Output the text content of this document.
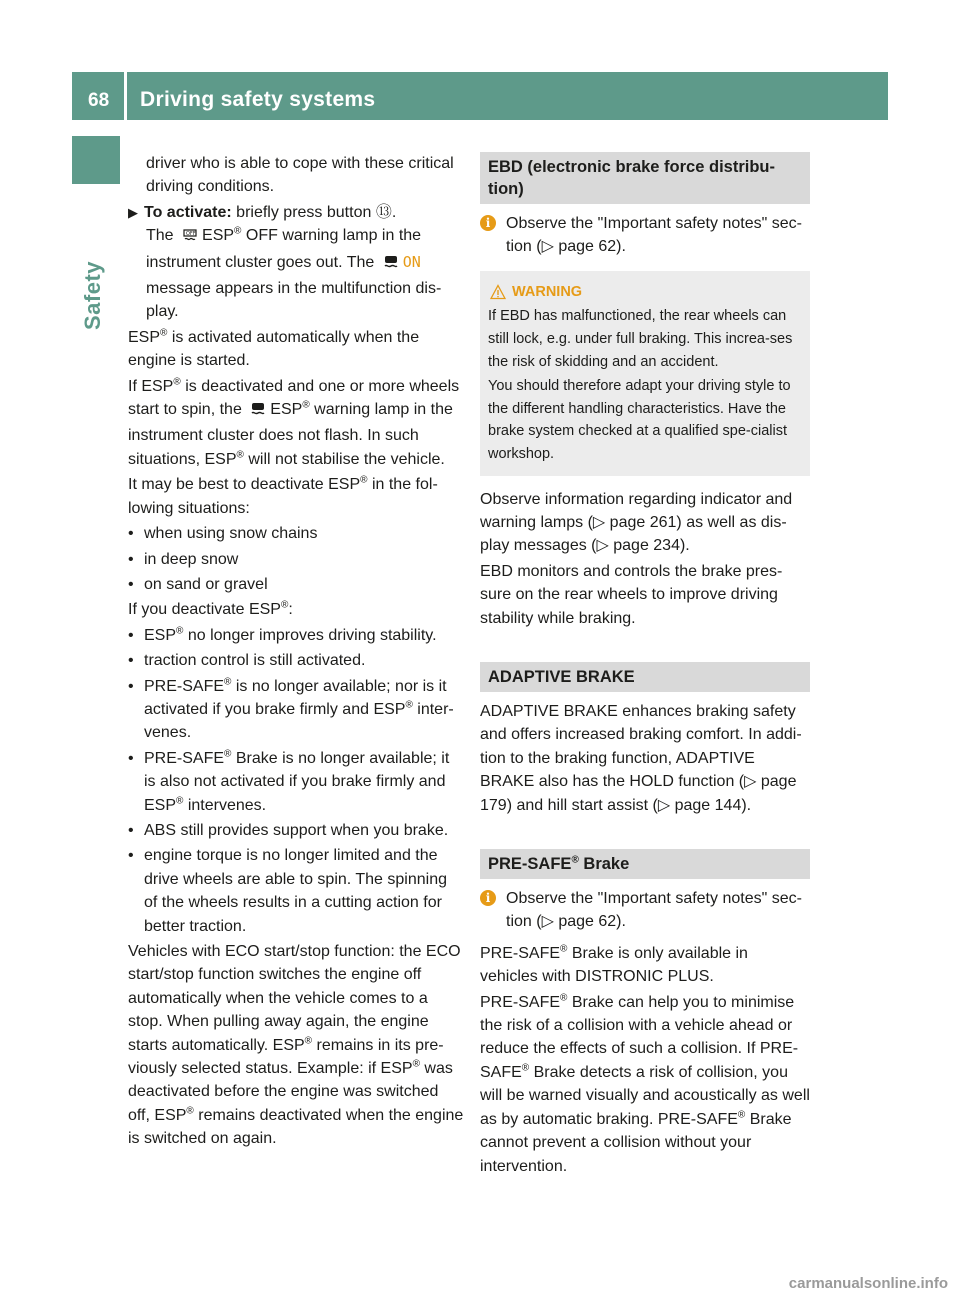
68 Driving safety systems
Safety

driver who is able to cope with these critical driving conditions.

▶ To activate: briefly press button ⑬.

The OFF ESP® OFF warning lamp in the instrument cluster goes out. The ON message appears in the multifunction dis-play.

ESP® is activated automatically when the engine is started.

If ESP® is deactivated and one or more wheels start to spin, the ESP® warning lamp in the instrument cluster does not flash. In such situations, ESP® will not stabilise the vehicle.

It may be best to deactivate ESP® in the fol-lowing situations:

• when using snow chains
• in deep snow
• on sand or gravel

If you deactivate ESP®:

• ESP® no longer improves driving stability.
• traction control is still activated.
• PRE-SAFE® is no longer available; nor is it activated if you brake firmly and ESP® inter-venes.
• PRE-SAFE® Brake is no longer available; it is also not activated if you brake firmly and ESP® intervenes.
• ABS still provides support when you brake.
• engine torque is no longer limited and the drive wheels are able to spin. The spinning of the wheels results in a cutting action for better traction.

Vehicles with ECO start/stop function: the ECO start/stop function switches the engine off automatically when the vehicle comes to a stop. When pulling away again, the engine starts automatically. ESP® remains in its pre-viously selected status. Example: if ESP® was deactivated before the engine was switched off, ESP® remains deactivated when the engine is switched on again.

EBD (electronic brake force distribu-tion)
i Observe the "Important safety notes" sec-tion (▷ page 62).
WARNING

If EBD has malfunctioned, the rear wheels can still lock, e.g. under full braking. This increa-ses the risk of skidding and an accident.

You should therefore adapt your driving style to the different handling characteristics. Have the brake system checked at a qualified spe-cialist workshop.

Observe information regarding indicator and warning lamps (▷ page 261) as well as dis-play messages (▷ page 234).

EBD monitors and controls the brake pres-sure on the rear wheels to improve driving stability while braking.

ADAPTIVE BRAKE

ADAPTIVE BRAKE enhances braking safety and offers increased braking comfort. In addi-tion to the braking function, ADAPTIVE BRAKE also has the HOLD function (▷ page 179) and hill start assist (▷ page 144).

PRE-SAFE® Brake
i Observe the "Important safety notes" sec-tion (▷ page 62).

PRE-SAFE® Brake is only available in vehicles with DISTRONIC PLUS.

PRE-SAFE® Brake can help you to minimise the risk of a collision with a vehicle ahead or reduce the effects of such a collision. If PRE-SAFE® Brake detects a risk of collision, you will be warned visually and acoustically as well as by automatic braking. PRE-SAFE® Brake cannot prevent a collision without your intervention.

carmanualsonline.info
